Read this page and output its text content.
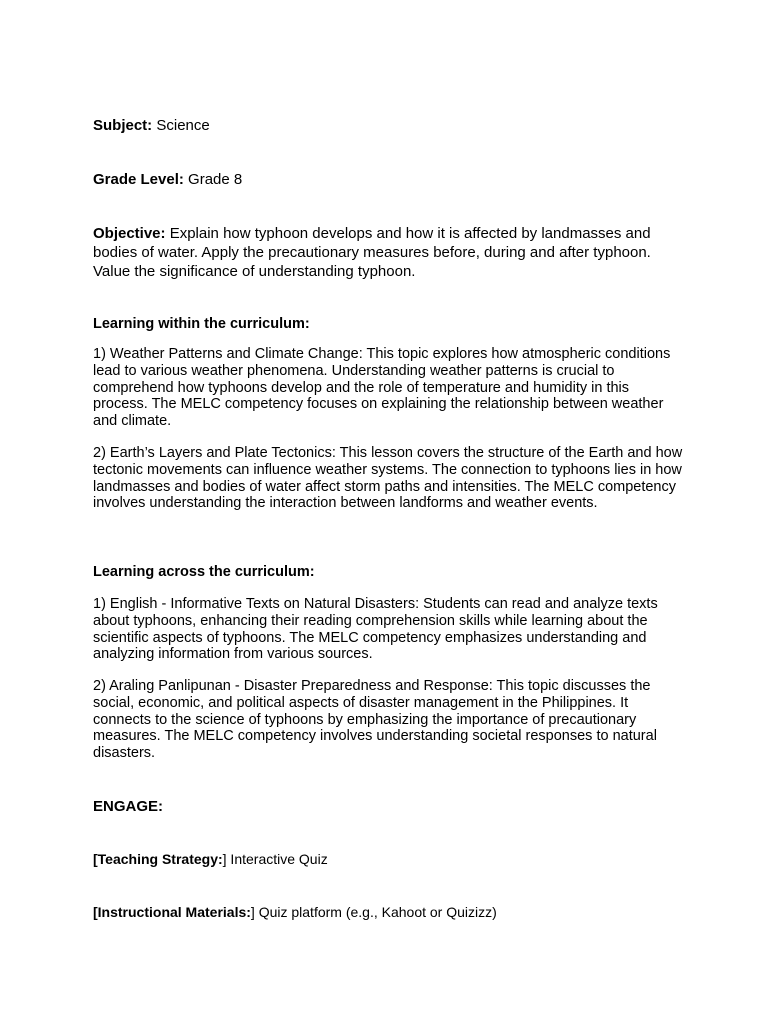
Subject: Science

Grade Level: Grade 8

Objective: Explain how typhoon develops and how it is affected by landmasses and bodies of water. Apply the precautionary measures before, during and after typhoon. Value the significance of understanding typhoon.

Learning within the curriculum:

1) Weather Patterns and Climate Change: This topic explores how atmospheric conditions lead to various weather phenomena. Understanding weather patterns is crucial to comprehend how typhoons develop and the role of temperature and humidity in this process. The MELC competency focuses on explaining the relationship between weather and climate.

2) Earth’s Layers and Plate Tectonics: This lesson covers the structure of the Earth and how tectonic movements can influence weather systems. The connection to typhoons lies in how landmasses and bodies of water affect storm paths and intensities. The MELC competency involves understanding the interaction between landforms and weather events.

Learning across the curriculum:

1) English - Informative Texts on Natural Disasters: Students can read and analyze texts about typhoons, enhancing their reading comprehension skills while learning about the scientific aspects of typhoons. The MELC competency emphasizes understanding and analyzing information from various sources.

2) Araling Panlipunan - Disaster Preparedness and Response: This topic discusses the social, economic, and political aspects of disaster management in the Philippines. It connects to the science of typhoons by emphasizing the importance of precautionary measures. The MELC competency involves understanding societal responses to natural disasters.

ENGAGE:

[Teaching Strategy:] Interactive Quiz

[Instructional Materials:] Quiz platform (e.g., Kahoot or Quizizz)
